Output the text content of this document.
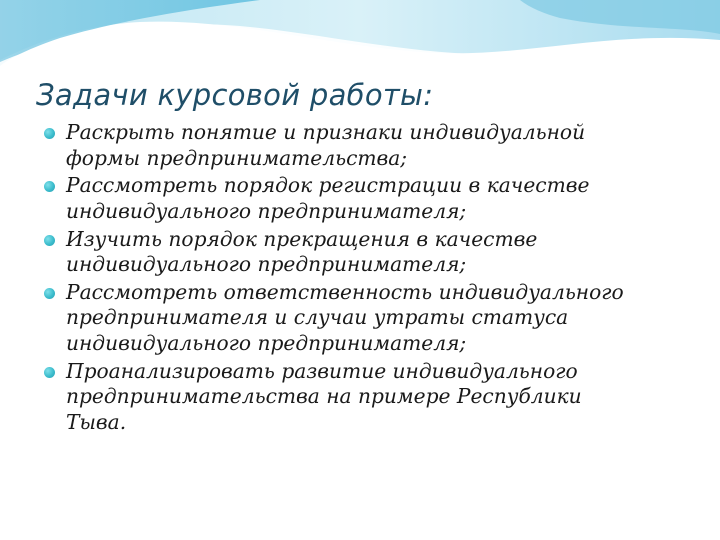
Задачи курсовой работы:
Раскрыть понятие и признаки индивидуальной
формы предпринимательства;
Рассмотреть порядок регистрации в качестве
индивидуального предпринимателя;
Изучить порядок прекращения в качестве
индивидуального предпринимателя;
Рассмотреть ответственность индивидуального
предпринимателя и случаи утраты статуса
индивидуального предпринимателя;
Проанализировать развитие индивидуального
предпринимательства на примере Республики
Тыва.
